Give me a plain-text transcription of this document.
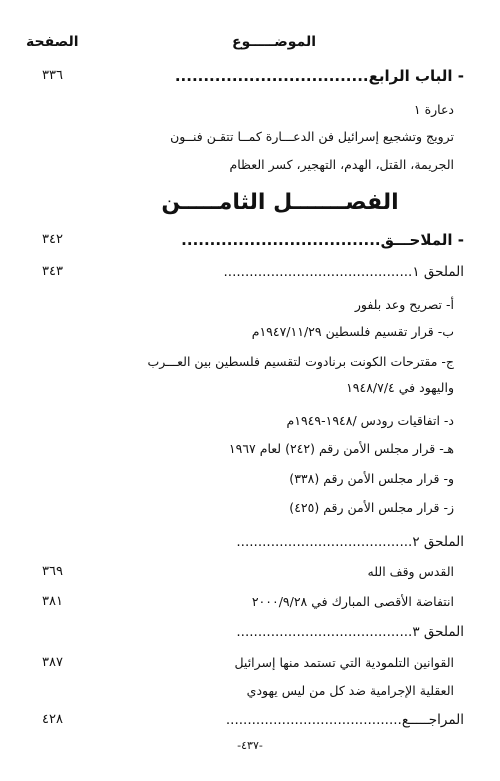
الصفحة	الموضـــــوع
- الباب الرابع..................................
٣٣٦
دعارة ١
ترويج وتشجيع إسرائيل فن الدعـــارة كمــا تتقـن فنــون
الجريمة، القتل، الهدم، التهجير، كسر العظام
الفصـــــــل الثامـــــن
- الملاحـــق...................................
٣٤٢
الملحق ١............................................
٣٤٣
أ- تصريح وعد بلفور
ب- قرار تقسيم فلسطين ١٩٤٧/١١/٢٩م
ج- مقترحات الكونت برنادوت لتقسيم فلسطين بين العـــرب
واليهود في ١٩٤٨/٧/٤
د- اتفاقيات رودس /١٩٤٨-١٩٤٩م
هـ- قرار مجلس الأمن رقم (٢٤٢) لعام ١٩٦٧
و- قرار مجلس الأمن رقم (٣٣٨)
ز- قرار مجلس الأمن رقم (٤٢٥)
الملحق ٢.........................................
القدس وقف الله
٣٦٩
انتفاضة الأقصى المبارك في ٢٠٠٠/٩/٢٨
٣٨١
الملحق ٣.........................................
القوانين التلمودية التي تستمد منها إسرائيل
٣٨٧
العقلية الإجرامية ضد كل من ليس يهودي
المراجـــــع.........................................
٤٢٨
-٤٣٧-
